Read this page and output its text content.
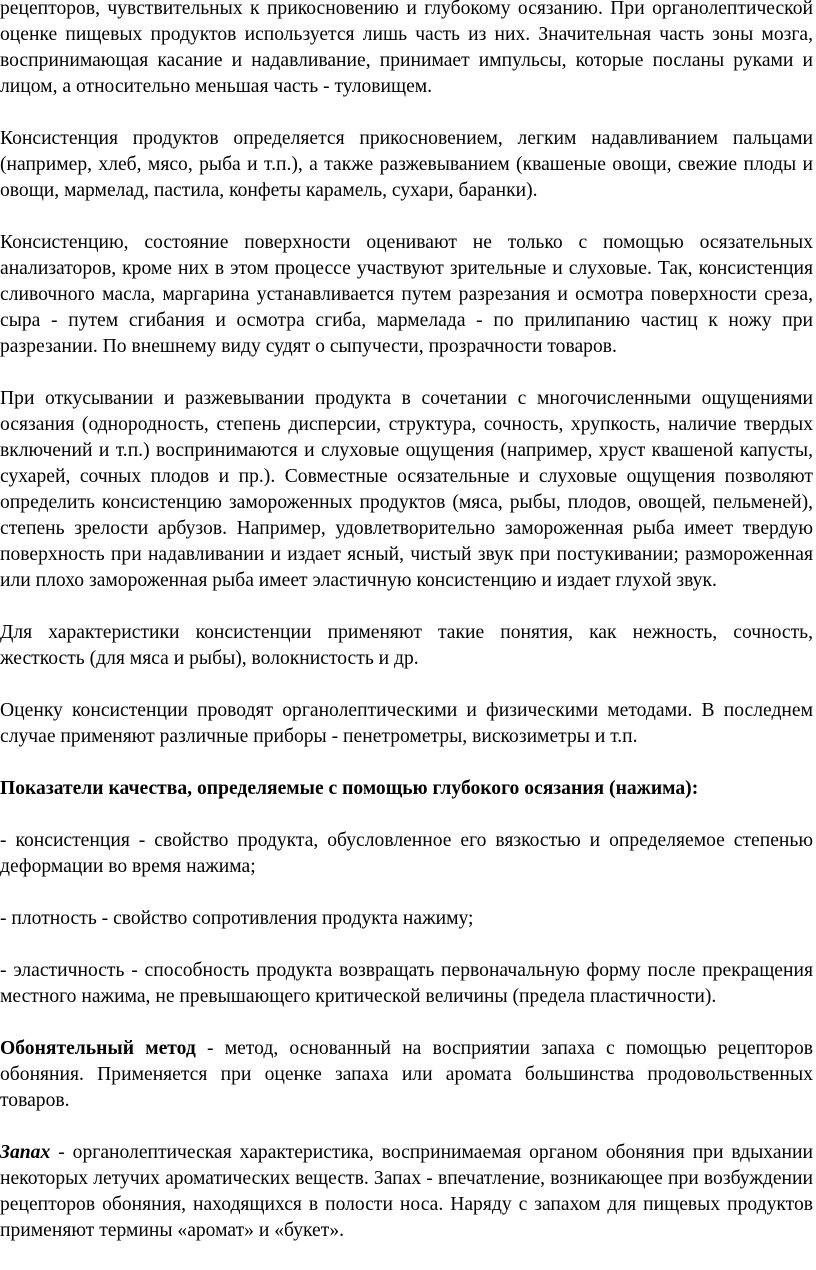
рецепторов, чувствительных к прикосновению и глубокому осязанию. При органолептической оценке пищевых продуктов используется лишь часть из них. Значительная часть зоны мозга, воспринимающая касание и надавливание, принимает импульсы, которые посланы руками и лицом, а относительно меньшая часть - туловищем.

Консистенция продуктов определяется прикосновением, легким надавливанием пальцами (например, хлеб, мясо, рыба и т.п.), а также разжевыванием (квашеные овощи, свежие плоды и овощи, мармелад, пастила, конфеты карамель, сухари, баранки).

Консистенцию, состояние поверхности оценивают не только с помощью осязательных анализаторов, кроме них в этом процессе участвуют зрительные и слуховые. Так, консистенция сливочного масла, маргарина устанавливается путем разрезания и осмотра поверхности среза, сыра - путем сгибания и осмотра сгиба, мармелада - по прилипанию частиц к ножу при разрезании. По внешнему виду судят о сыпучести, прозрачности товаров.

При откусывании и разжевывании продукта в сочетании с многочисленными ощущениями осязания (однородность, степень дисперсии, структура, сочность, хрупкость, наличие твердых включений и т.п.) воспринимаются и слуховые ощущения (например, хруст квашеной капусты, сухарей, сочных плодов и пр.). Совместные осязательные и слуховые ощущения позволяют определить консистенцию замороженных продуктов (мяса, рыбы, плодов, овощей, пельменей), степень зрелости арбузов. Например, удовлетворительно замороженная рыба имеет твердую поверхность при надавливании и издает ясный, чистый звук при постукивании; размороженная или плохо замороженная рыба имеет эластичную консистенцию и издает глухой звук.

Для характеристики консистенции применяют такие понятия, как нежность, сочность, жесткость (для мяса и рыбы), волокнистость и др.

Оценку консистенции проводят органолептическими и физическими методами. В последнем случае применяют различные приборы - пенетрометры, вискозиметры и т.п.

Показатели качества, определяемые с помощью глубокого осязания (нажима):

- консистенция - свойство продукта, обусловленное его вязкостью и определяемое степенью деформации во время нажима;

- плотность - свойство сопротивления продукта нажиму;

- эластичность - способность продукта возвращать первоначальную форму после прекращения местного нажима, не превышающего критической величины (предела пластичности).

Обонятельный метод - метод, основанный на восприятии запаха с помощью рецепторов обоняния. Применяется при оценке запаха или аромата большинства продовольственных товаров.

Запах - органолептическая характеристика, воспринимаемая органом обоняния при вдыхании некоторых летучих ароматических веществ. Запах - впечатление, возникающее при возбуждении рецепторов обоняния, находящихся в полости носа. Наряду с запахом для пищевых продуктов применяют термины «аромат» и «букет».
